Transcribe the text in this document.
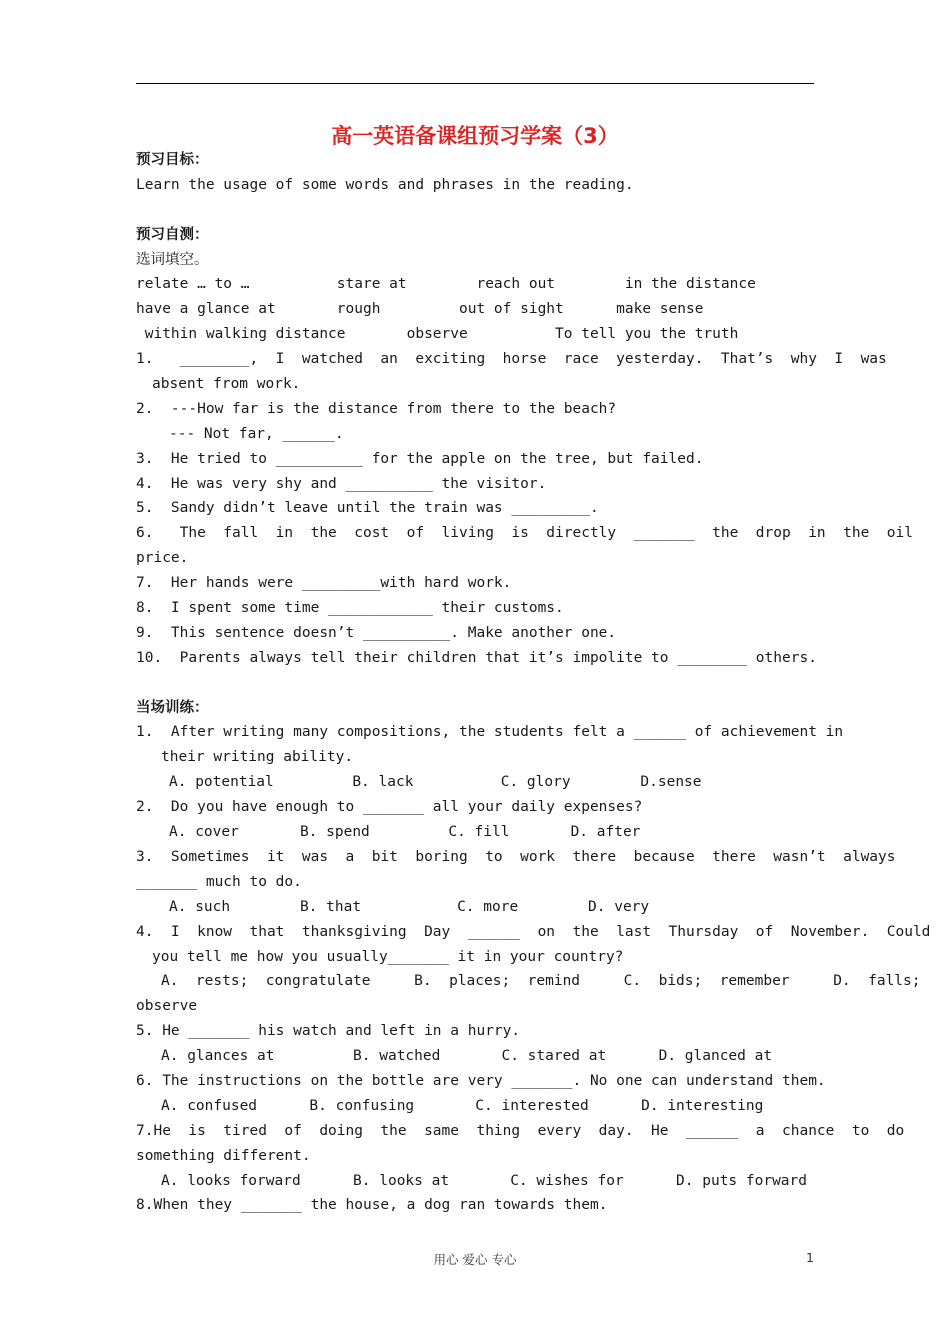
高一英语备课组预习学案（3）
预习目标：
Learn the usage of some words and phrases in the reading.
预习自测：
选词填空。
relate … to …          stare at        reach out        in the distance
have a glance at       rough         out of sight      make sense
within walking distance       observe          To tell you the truth
1.   ________,  I  watched  an  exciting  horse  race  yesterday.  That’s  why  I  was
absent from work.
2.  ---How far is the distance from there to the beach?
--- Not far, ______.
3.  He tried to __________ for the apple on the tree, but failed.
4.  He was very shy and __________ the visitor.
5.  Sandy didn’t leave until the train was _________.
6.   The  fall  in  the  cost  of  living  is  directly  _______  the  drop  in  the  oil
price.
7.  Her hands were _________with hard work.
8.  I spent some time ____________ their customs.
9.  This sentence doesn’t __________. Make another one.
10.  Parents always tell their children that it’s impolite to ________ others.
当场训练：
1.  After writing many compositions, the students felt a ______ of achievement in
their writing ability.
A. potential         B. lack          C. glory        D.sense
2.  Do you have enough to _______ all your daily expenses?
A. cover       B. spend         C. fill       D. after
3.  Sometimes  it  was  a  bit  boring  to  work  there  because  there  wasn’t  always
_______ much to do.
A. such        B. that           C. more        D. very
4.  I  know  that  thanksgiving  Day  ______  on  the  last  Thursday  of  November.  Could
you tell me how you usually_______ it in your country?
A.  rests;  congratulate     B.  places;  remind     C.  bids;  remember     D.  falls;
observe
5. He _______ his watch and left in a hurry.
A. glances at         B. watched       C. stared at      D. glanced at
6. The instructions on the bottle are very _______. No one can understand them.
A. confused      B. confusing       C. interested      D. interesting
7.He  is  tired  of  doing  the  same  thing  every  day.  He  ______  a  chance  to  do
something different.
A. looks forward      B. looks at       C. wishes for      D. puts forward
8.When they _______ the house, a dog ran towards them.
用心 爱心 专心	1
